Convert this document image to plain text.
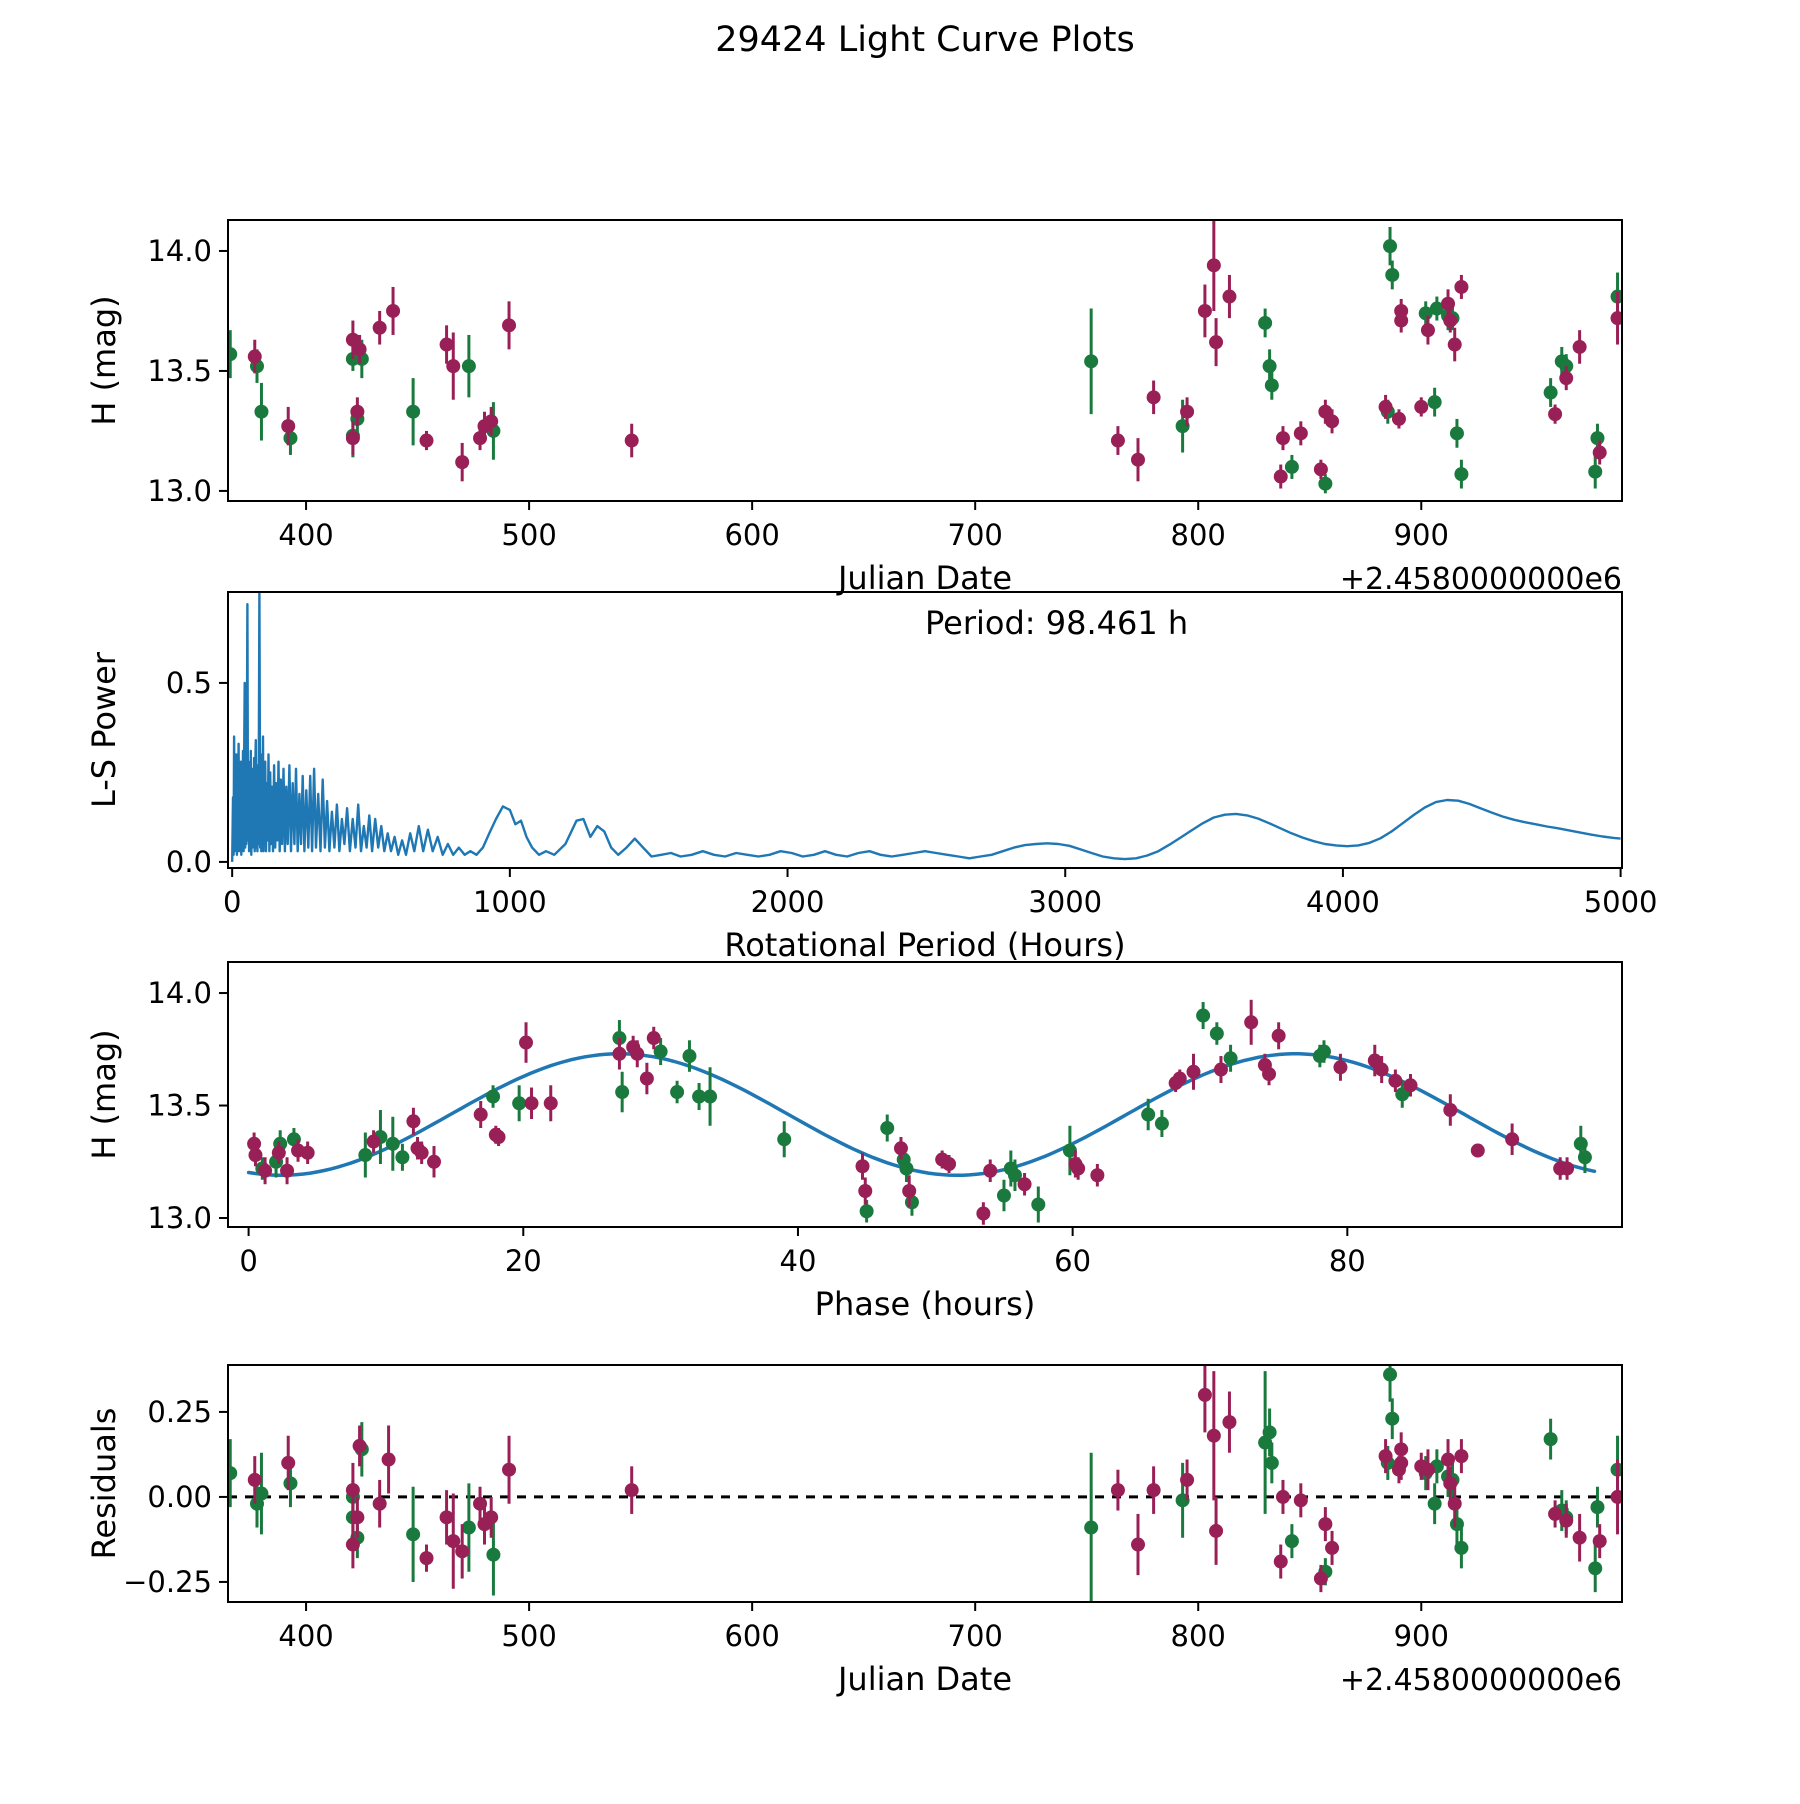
29424 Light Curve Plots
400	500	600	700	800	900
13.0
13.5
14.0
Julian Date
H (mag)
+2.4580000000e6
0	1000	2000	3000	4000	5000
0.0
0.5
Rotational Period (Hours)
L-S Power
Period: 98.461 h
0	20	40	60	80
13.0
13.5
14.0
Phase (hours)
H (mag)
400	500	600	700	800	900
−0.25
0.00
0.25
Julian Date
Residuals
+2.4580000000e6
